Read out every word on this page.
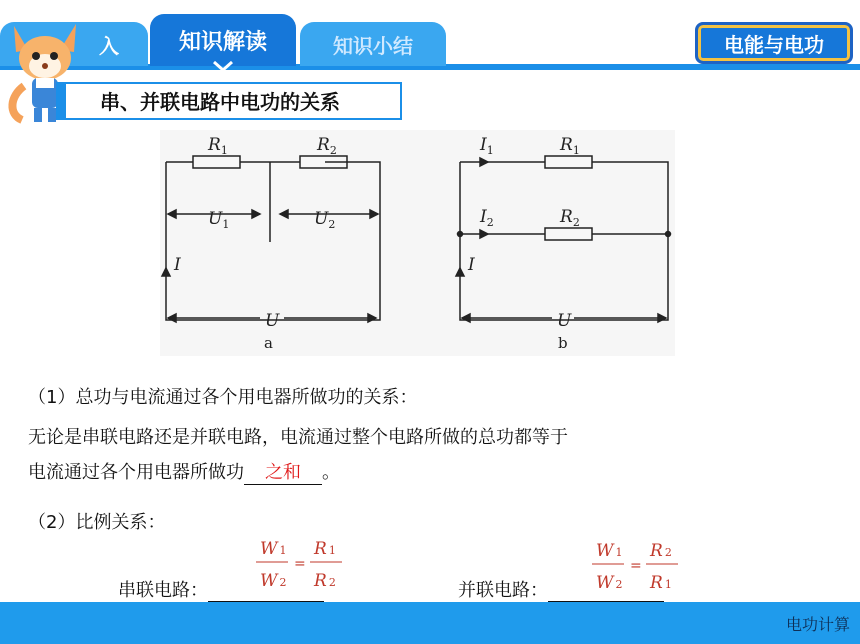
入	知识解读	知识小结	电能与电功
串、并联电路中电功的关系
$R_1$	$R_2$
$U_1$	$U_2$
I
U
a
$I_1$
$I_2$
$R_1$
$R_2$
I
U
b
（1）总功与电流通过各个用电器所做功的关系：
无论是串联电路还是并联电路，电流通过整个电路所做的总功都等于
电流通过各个用电器所做功 之和 。
（2）比例关系：
串联电路：	并联电路：
W 1
W 2
=
R 1
R 2
W 1
W 2
=
R 2
R 1
电功计算
